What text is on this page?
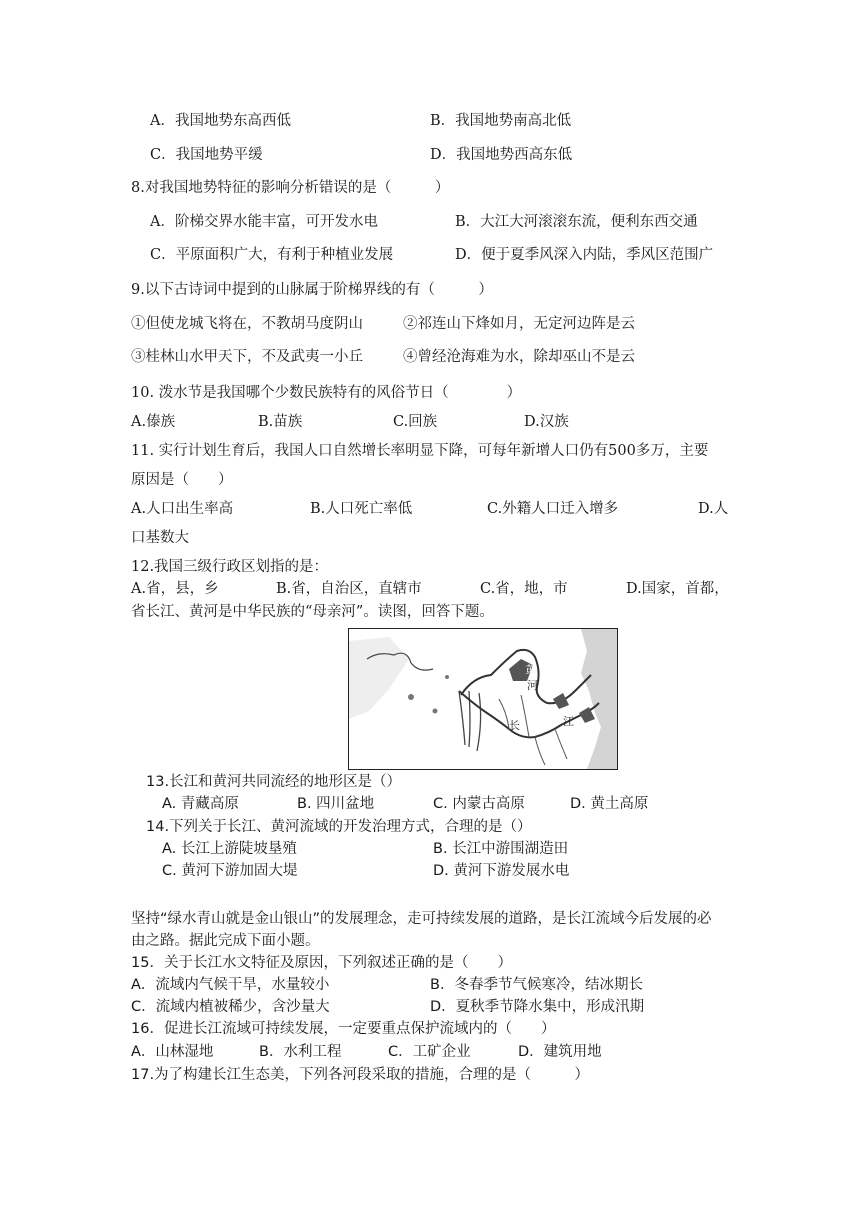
A．我国地势东高西低	B．我国地势南高北低
C．我国地势平缓	D．我国地势西高东低
8.对我国地势特征的影响分析错误的是（　　　）
A．阶梯交界水能丰富，可开发水电	B．大江大河滚滚东流，便利东西交通
C．平原面积广大，有利于种植业发展	D．便于夏季风深入内陆，季风区范围广
9.以下古诗词中提到的山脉属于阶梯界线的有（　　　）
①但使龙城飞将在，不教胡马度阴山	②祁连山下烽如月，无定河边阵是云
③桂林山水甲天下，不及武夷一小丘	④曾经沧海难为水，除却巫山不是云
10. 泼水节是我国哪个少数民族特有的风俗节日（　　　　）
A.傣族	B.苗族	C.回族	D.汉族
11. 实行计划生育后，我国人口自然增长率明显下降，可每年新增人口仍有500多万，主要
原因是（　　）
A.人口出生率高	B.人口死亡率低	C.外籍人口迁入增多	D.人
口基数大
12.我国三级行政区划指的是：
A.省，县，乡	B.省，自治区，直辖市	C.省，地，市	D.国家，首都，
省长江、黄河是中华民族的“母亲河”。读图，回答下题。
黄
河
长	江
13.长江和黄河共同流经的地形区是（）
A. 青藏高原	B. 四川盆地	C. 内蒙古高原	D. 黄土高原
14.下列关于长江、黄河流域的开发治理方式，合理的是（）
A. 长江上游陡坡垦殖	B. 长江中游围湖造田
C. 黄河下游加固大堤	D. 黄河下游发展水电
坚持“绿水青山就是金山银山”的发展理念，走可持续发展的道路，是长江流域今后发展的必
由之路。据此完成下面小题。
15．关于长江水文特征及原因，下列叙述正确的是（　　）
A．流域内气候干旱，水量较小	B．冬春季节气候寒冷，结冰期长
C．流域内植被稀少，含沙量大	D．夏秋季节降水集中，形成汛期
16．促进长江流域可持续发展，一定要重点保护流域内的（　　）
A．山林湿地	B．水利工程	C．工矿企业	D．建筑用地
17.为了构建长江生态美，下列各河段采取的措施，合理的是（　　　）
